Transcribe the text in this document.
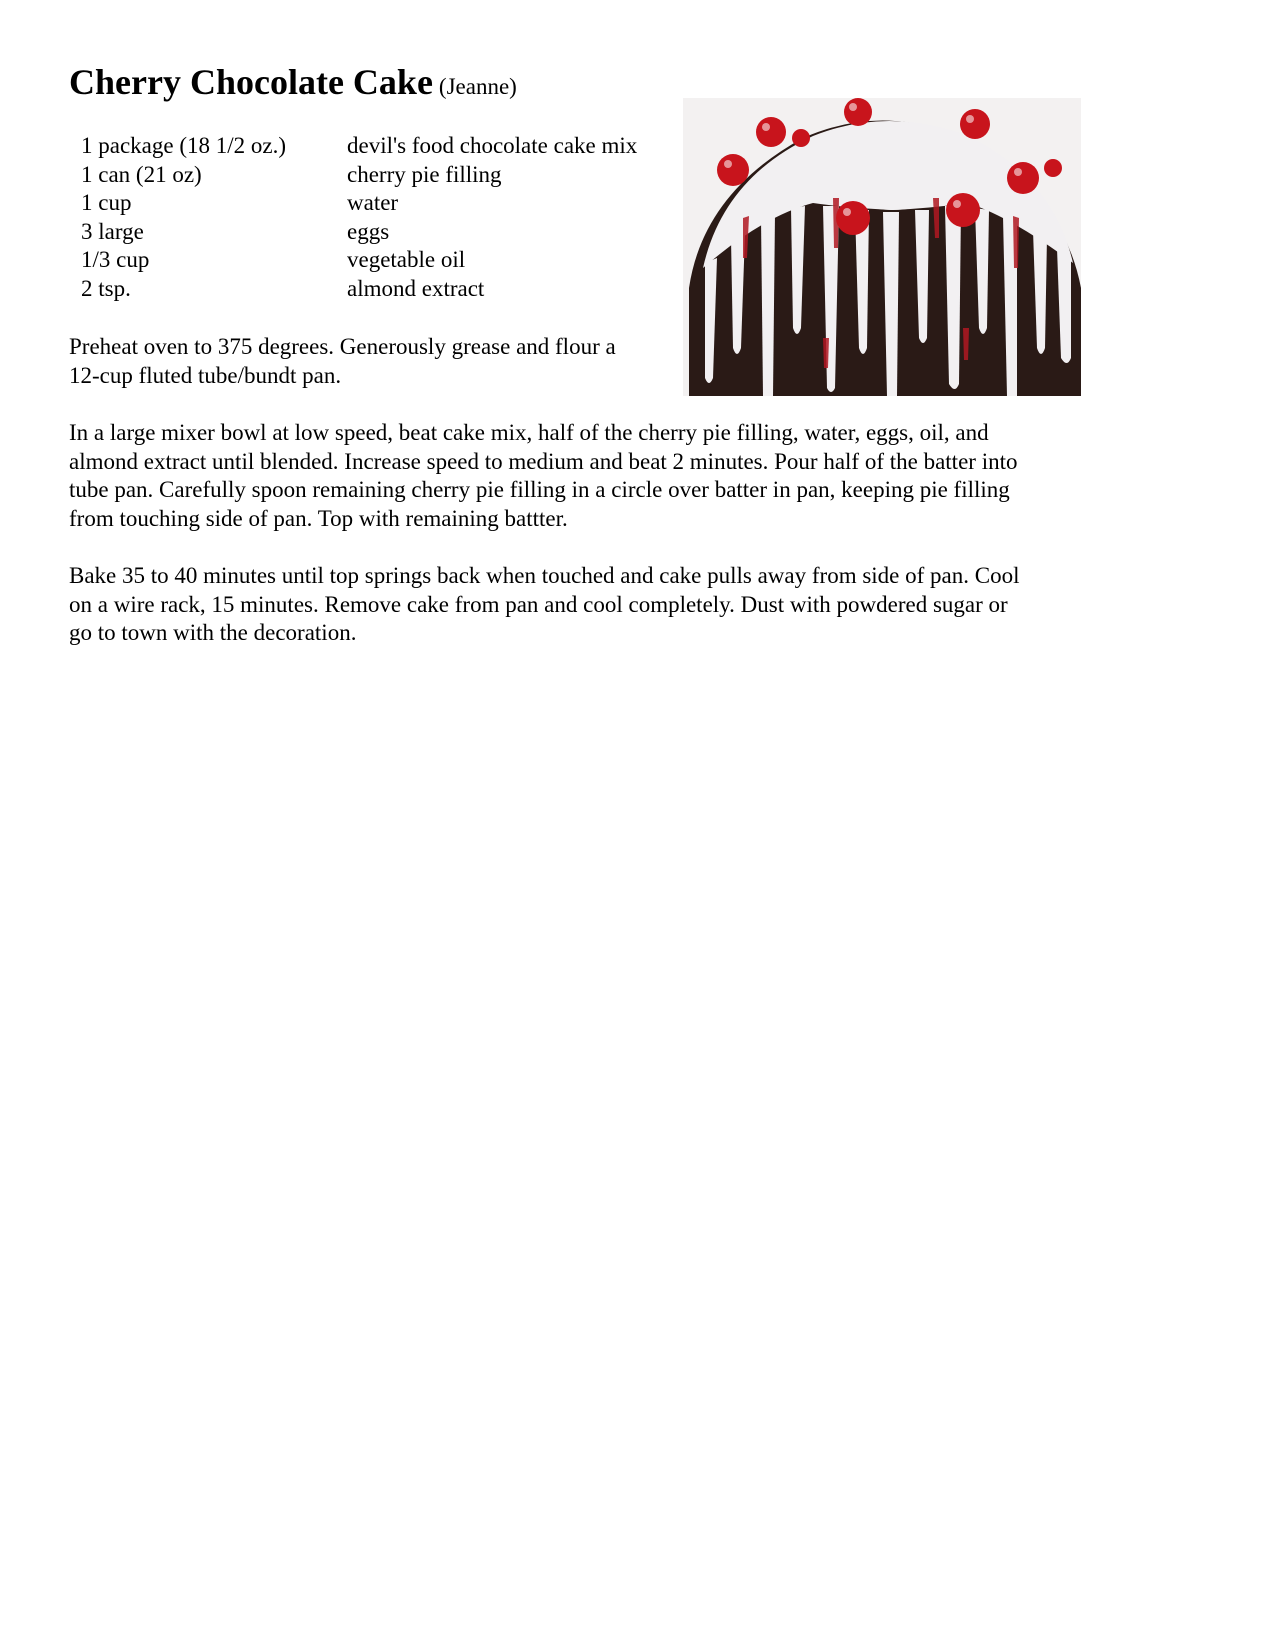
Cherry Chocolate Cake (Jeanne)
1 package (18 1/2 oz.)	devil's food chocolate cake mix
1 can (21 oz)	cherry pie filling
1 cup	water
3 large	eggs
1/3 cup	vegetable oil
2 tsp.	almond extract
Preheat oven to 375 degrees. Generously grease and flour a
12-cup fluted tube/bundt pan.
In a large mixer bowl at low speed, beat cake mix, half of the cherry pie filling, water, eggs, oil, and
almond extract until blended. Increase speed to medium and beat 2 minutes. Pour half of the batter into
tube pan. Carefully spoon remaining cherry pie filling in a circle over batter in pan, keeping pie filling
from touching side of pan. Top with remaining battter.
Bake 35 to 40 minutes until top springs back when touched and cake pulls away from side of pan. Cool
on a wire rack, 15 minutes. Remove cake from pan and cool completely. Dust with powdered sugar or
go to town with the decoration.
